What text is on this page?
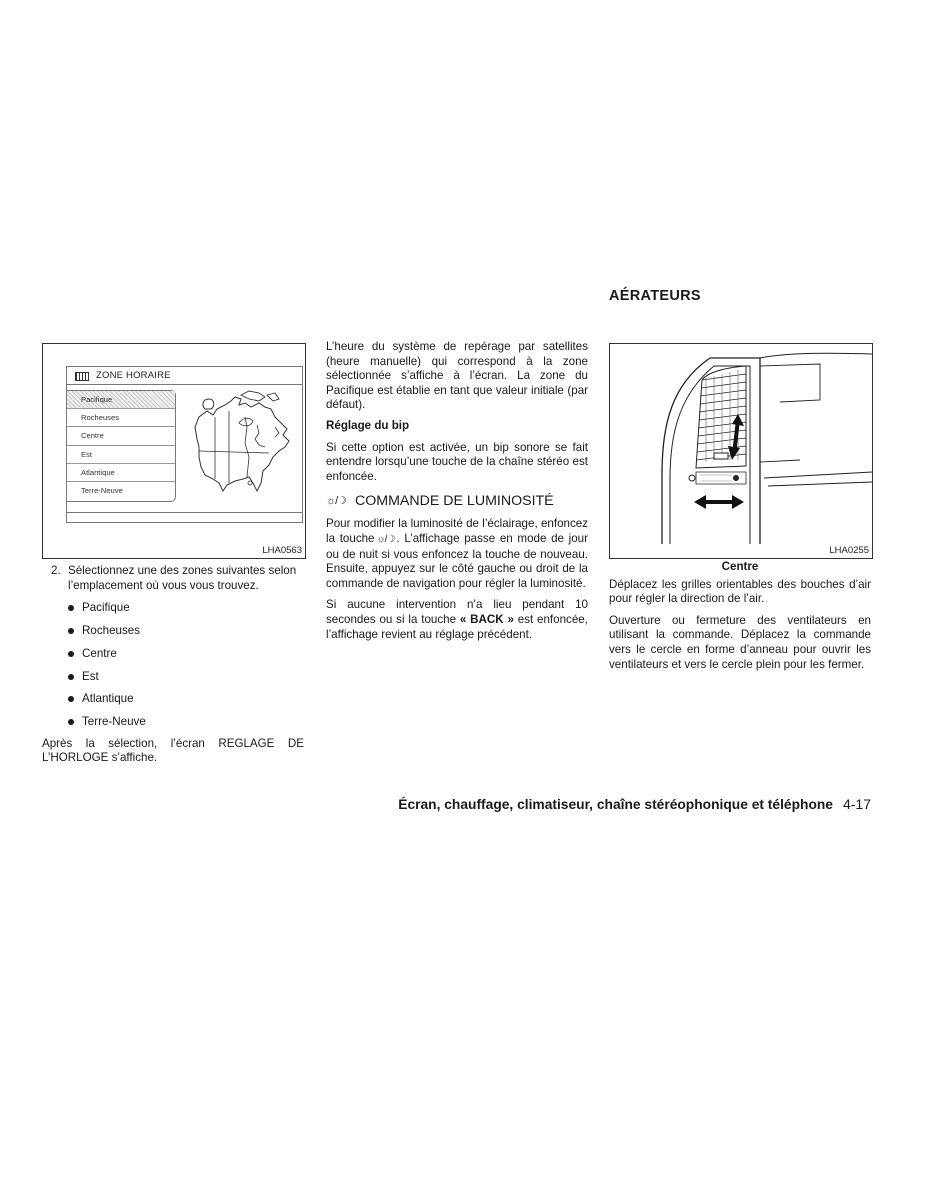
ZONE HORAIRE
Pacifique
Rocheuses
Centre
Est
Atlantique
Terre-Neuve
LHA0563
2. Sélectionnez une des zones suivantes selon l’emplacement où vous vous trouvez.
Pacifique
Rocheuses
Centre
Est
Atlantique
Terre-Neuve

Après la sélection, l’écran REGLAGE DE L’HORLOGE s’affiche.

L’heure du système de repérage par satellites (heure manuelle) qui correspond à la zone sélectionnée s’affiche à l’écran. La zone du Pacifique est établie en tant que valeur initiale (par défaut).

Réglage du bip

Si cette option est activée, un bip sonore se fait entendre lorsqu’une touche de la chaîne stéréo est enfoncée.

☼/☽ COMMANDE DE LUMINOSITÉ

Pour modifier la luminosité de l’éclairage, enfoncez la touche ☼/☽ . L’affichage passe en mode de jour ou de nuit si vous enfoncez la touche de nouveau. Ensuite, appuyez sur le côté gauche ou droit de la commande de navigation pour régler la luminosité.

Si aucune intervention n’a lieu pendant 10 secondes ou si la touche « BACK » est enfoncée, l’affichage revient au réglage précédent.

AÉRATEURS
LHA0255

Centre

Déplacez les grilles orientables des bouches d’air pour régler la direction de l’air.

Ouverture ou fermeture des ventilateurs en utilisant la commande. Déplacez la commande vers le cercle en forme d’anneau pour ouvrir les ventilateurs et vers le cercle plein pour les fermer.

Écran, chauffage, climatiseur, chaîne stéréophonique et téléphone 4-17
